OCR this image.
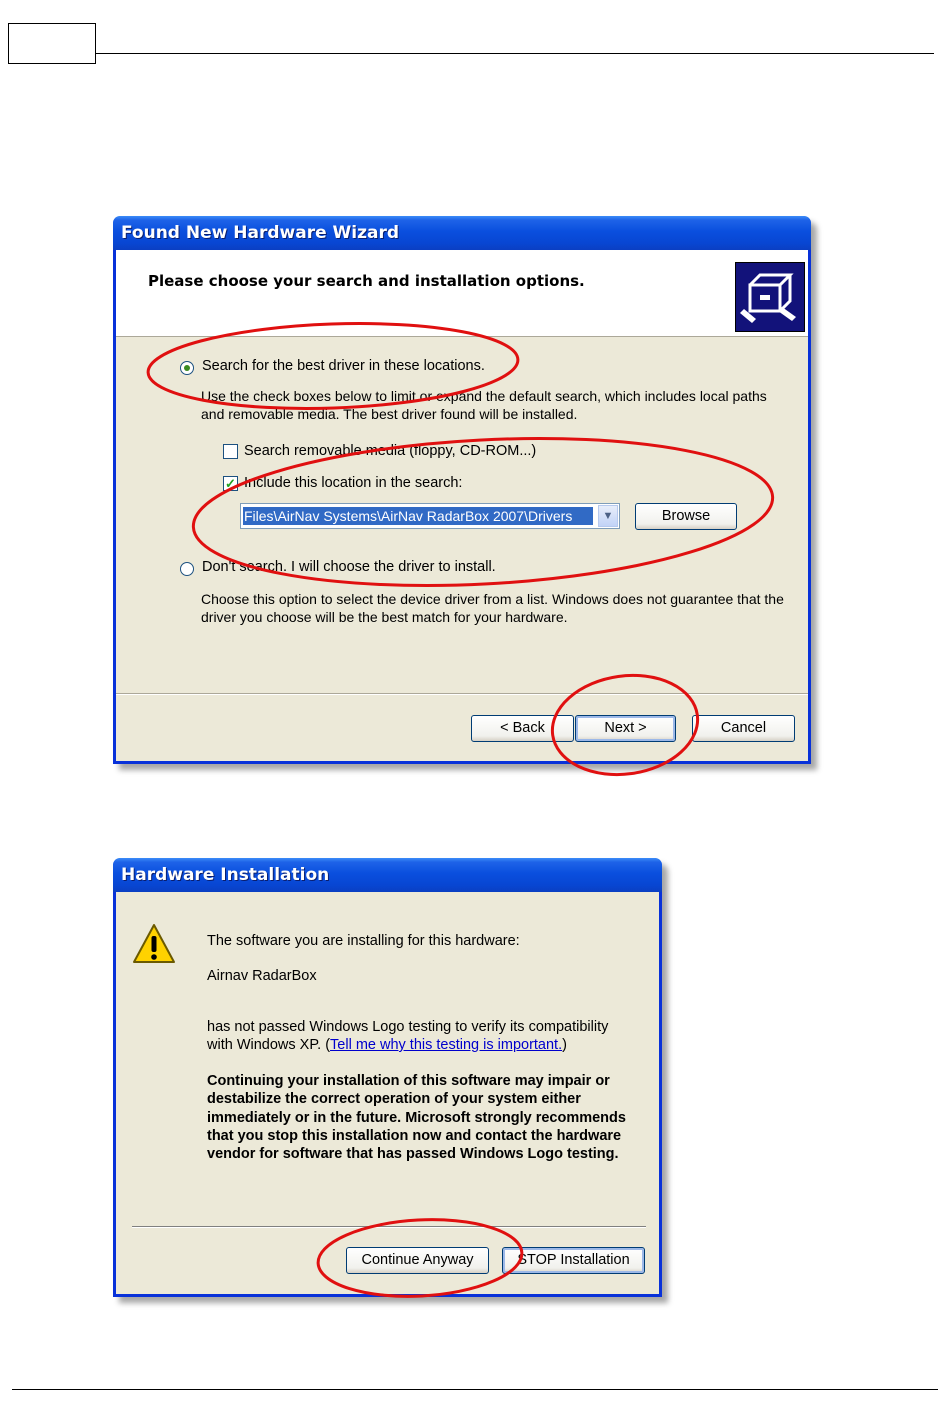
Found New Hardware Wizard
Please choose your search and installation options.
Search for the best driver in these locations.
Use the check boxes below to limit or expand the default search, which includes local paths and removable media. The best driver found will be installed.
Search removable media (floppy, CD-ROM...)
✓ Include this location in the search:
Files\AirNav Systems\AirNav RadarBox 2007\Drivers	▼	Browse
Don't search. I will choose the driver to install.
Choose this option to select the device driver from a list. Windows does not guarantee that the driver you choose will be the best match for your hardware.
< Back	Next >	Cancel
Hardware Installation
The software you are installing for this hardware:
Airnav RadarBox
has not passed Windows Logo testing to verify its compatibility with Windows XP. (Tell me why this testing is important.)
Continuing your installation of this software may impair or destabilize the correct operation of your system either immediately or in the future. Microsoft strongly recommends that you stop this installation now and contact the hardware vendor for software that has passed Windows Logo testing.
Continue Anyway	STOP Installation
